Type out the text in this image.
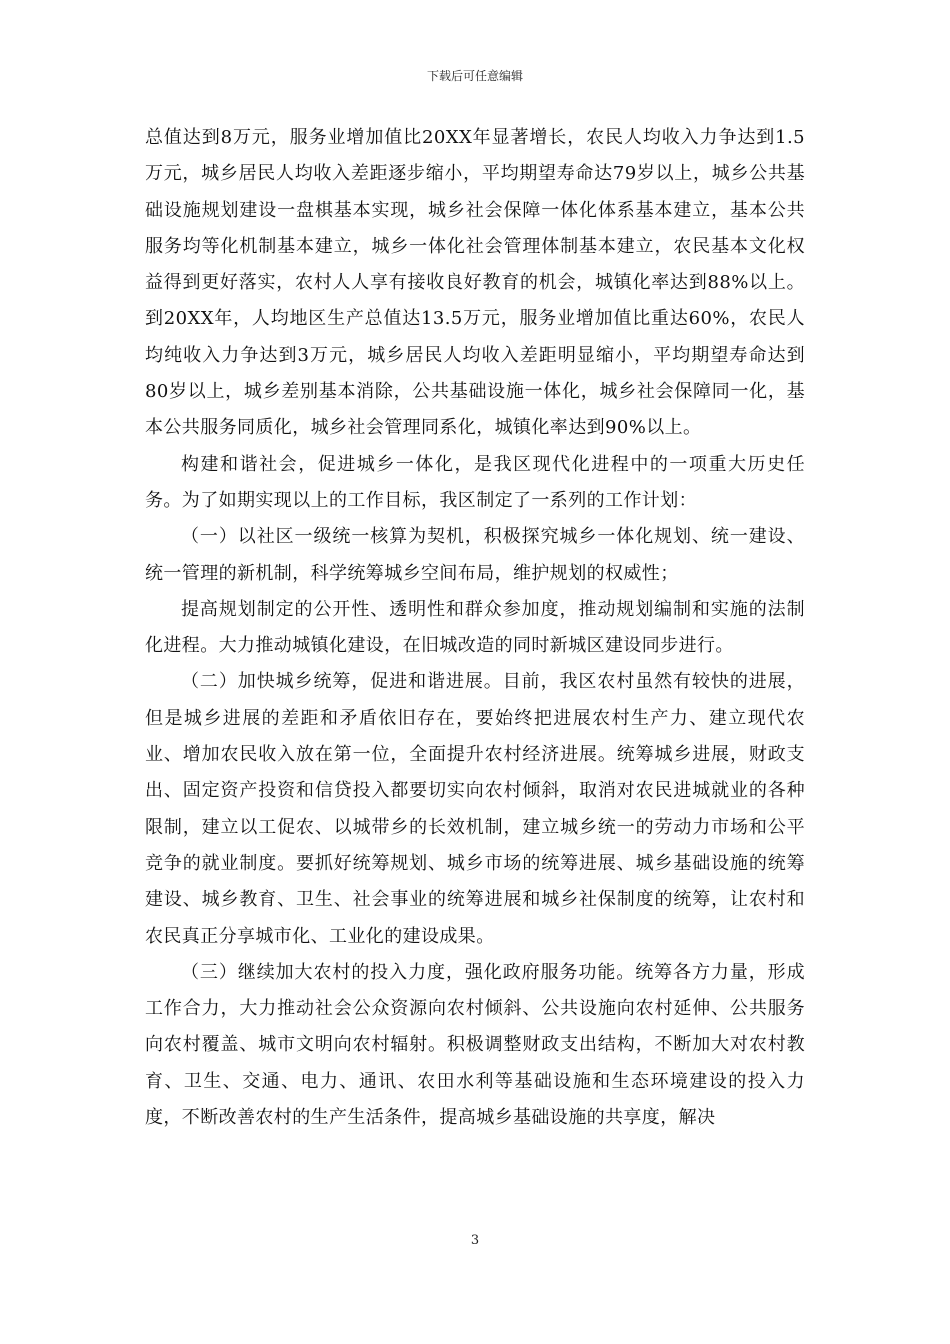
下载后可任意编辑

总值达到8万元，服务业增加值比20XX年显著增长，农民人均收入力争达到1.5万元，城乡居民人均收入差距逐步缩小，平均期望寿命达79岁以上，城乡公共基础设施规划建设一盘棋基本实现，城乡社会保障一体化体系基本建立，基本公共服务均等化机制基本建立，城乡一体化社会管理体制基本建立，农民基本文化权益得到更好落实，农村人人享有接收良好教育的机会，城镇化率达到88%以上。到20XX年，人均地区生产总值达13.5万元，服务业增加值比重达60%，农民人均纯收入力争达到3万元，城乡居民人均收入差距明显缩小，平均期望寿命达到80岁以上，城乡差别基本消除，公共基础设施一体化，城乡社会保障同一化，基本公共服务同质化，城乡社会管理同系化，城镇化率达到90%以上。

构建和谐社会，促进城乡一体化，是我区现代化进程中的一项重大历史任务。为了如期实现以上的工作目标，我区制定了一系列的工作计划：

（一）以社区一级统一核算为契机，积极探究城乡一体化规划、统一建设、统一管理的新机制，科学统筹城乡空间布局，维护规划的权威性；

提高规划制定的公开性、透明性和群众参加度，推动规划编制和实施的法制化进程。大力推动城镇化建设，在旧城改造的同时新城区建设同步进行。

（二）加快城乡统筹，促进和谐进展。目前，我区农村虽然有较快的进展，但是城乡进展的差距和矛盾依旧存在，要始终把进展农村生产力、建立现代农业、增加农民收入放在第一位，全面提升农村经济进展。统筹城乡进展，财政支出、固定资产投资和信贷投入都要切实向农村倾斜，取消对农民进城就业的各种限制，建立以工促农、以城带乡的长效机制，建立城乡统一的劳动力市场和公平竞争的就业制度。要抓好统筹规划、城乡市场的统筹进展、城乡基础设施的统筹建设、城乡教育、卫生、社会事业的统筹进展和城乡社保制度的统筹，让农村和农民真正分享城市化、工业化的建设成果。

（三）继续加大农村的投入力度，强化政府服务功能。统筹各方力量，形成工作合力，大力推动社会公众资源向农村倾斜、公共设施向农村延伸、公共服务向农村覆盖、城市文明向农村辐射。积极调整财政支出结构，不断加大对农村教育、卫生、交通、电力、通讯、农田水利等基础设施和生态环境建设的投入力度，不断改善农村的生产生活条件，提高城乡基础设施的共享度，解决

3
